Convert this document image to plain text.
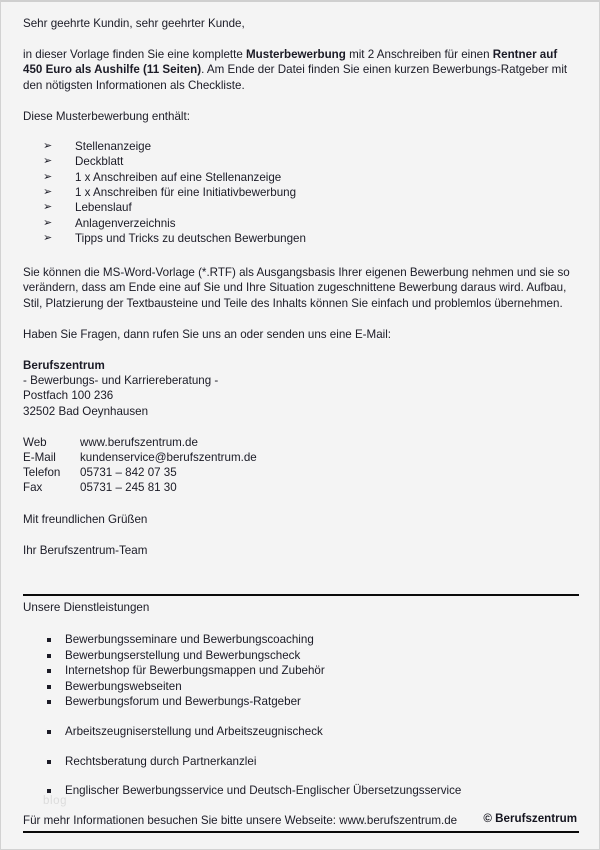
Sehr geehrte Kundin, sehr geehrter Kunde,

in dieser Vorlage finden Sie eine komplette Musterbewerbung mit 2 Anschreiben für einen Rentner auf 450 Euro als Aushilfe (11 Seiten). Am Ende der Datei finden Sie einen kurzen Bewerbungs-Ratgeber mit den nötigsten Informationen als Checkliste.

Diese Musterbewerbung enthält:

➢ Stellenanzeige
➢ Deckblatt
➢ 1 x Anschreiben auf eine Stellenanzeige
➢ 1 x Anschreiben für eine Initiativbewerbung
➢ Lebenslauf
➢ Anlagenverzeichnis
➢ Tipps und Tricks zu deutschen Bewerbungen

Sie können die MS-Word-Vorlage (*.RTF) als Ausgangsbasis Ihrer eigenen Bewerbung nehmen und sie so verändern, dass am Ende eine auf Sie und Ihre Situation zugeschnittene Bewerbung daraus wird. Aufbau, Stil, Platzierung der Textbausteine und Teile des Inhalts können Sie einfach und problemlos übernehmen.

Haben Sie Fragen, dann rufen Sie uns an oder senden uns eine E-Mail:

Berufszentrum

- Bewerbungs- und Karriereberatung -

Postfach 100 236

32502 Bad Oeynhausen

Web	www.berufszentrum.de
E-Mail	kundenservice@berufszentrum.de
Telefon	05731 – 842 07 35
Fax	05731 – 245 81 30

Mit freundlichen Grüßen

Ihr Berufszentrum-Team

Unsere Dienstleistungen

Bewerbungsseminare und Bewerbungscoaching
Bewerbungserstellung und Bewerbungscheck
Internetshop für Bewerbungsmappen und Zubehör
Bewerbungswebseiten
Bewerbungsforum und Bewerbungs-Ratgeber
Arbeitszeugniserstellung und Arbeitszeugnischeck
Rechtsberatung durch Partnerkanzlei
Englischer Bewerbungsservice und Deutsch-Englischer Übersetzungsservice

Für mehr Informationen besuchen Sie bitte unsere Webseite: www.berufszentrum.de

blog
© Berufszentrum
